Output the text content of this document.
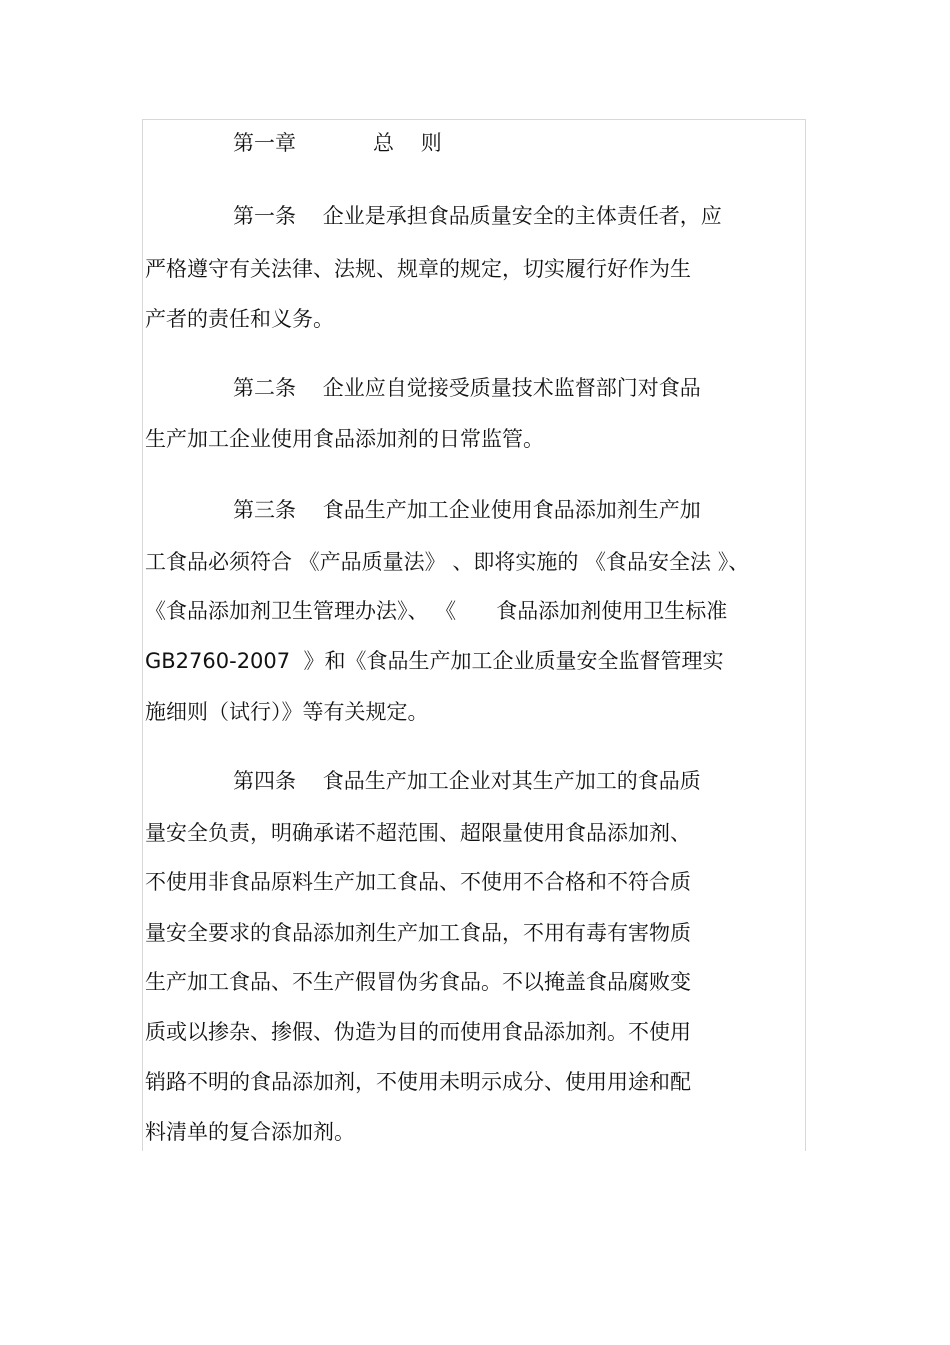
第一章	总    则
第一条    企业是承担食品质量安全的主体责任者，应
严格遵守有关法律、法规、规章的规定，切实履行好作为生
产者的责任和义务。
第二条    企业应自觉接受质量技术监督部门对食品
生产加工企业使用食品添加剂的日常监管。
第三条    食品生产加工企业使用食品添加剂生产加
工食品必须符合 《产品质量法》 、即将实施的 《食品安全法 》、
《食品添加剂卫生管理办法》、 《      食品添加剂使用卫生标准
GB2760-2007  》和《食品生产加工企业质量安全监督管理实
施细则（试行）》等有关规定。
第四条    食品生产加工企业对其生产加工的食品质
量安全负责，明确承诺不超范围、超限量使用食品添加剂、
不使用非食品原料生产加工食品、不使用不合格和不符合质
量安全要求的食品添加剂生产加工食品，不用有毒有害物质
生产加工食品、不生产假冒伪劣食品。不以掩盖食品腐败变
质或以掺杂、掺假、伪造为目的而使用食品添加剂。不使用
销路不明的食品添加剂，不使用未明示成分、使用用途和配
料清单的复合添加剂。
